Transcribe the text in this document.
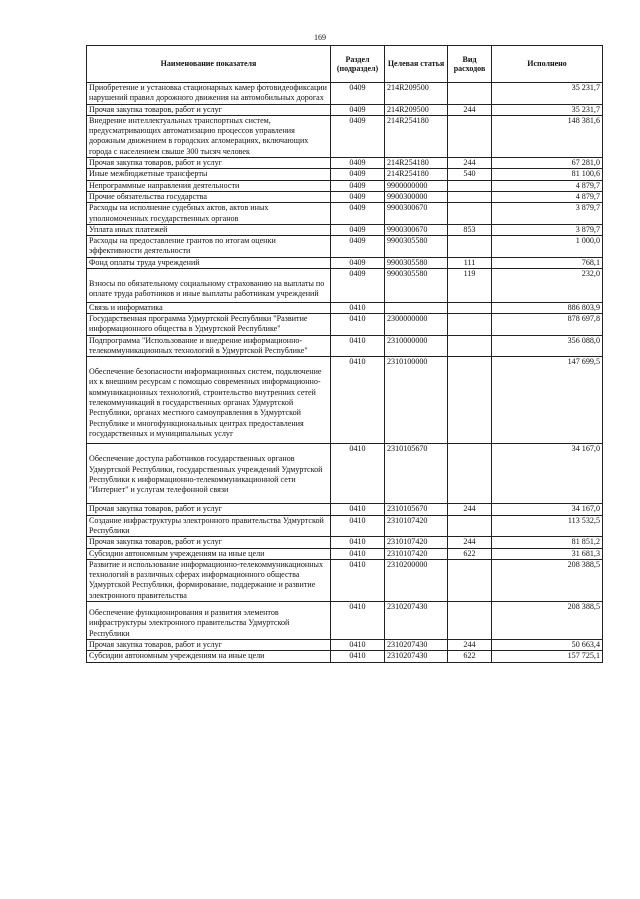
169
Наименование показателя	Раздел (подраздел)	Целевая статья	Вид расходов	Исполнено
Приобретение и установка стационарных камер фотовидеофиксации нарушений правил дорожного движения на автомобильных дорогах	0409	214R209500		35 231,7
Прочая закупка товаров, работ и услуг	0409	214R209500	244	35 231,7
Внедрение интеллектуальных транспортных систем, предусматривающих автоматизацию процессов управления дорожным движением в городских агломерациях, включающих города с населением свыше 300 тысяч человек	0409	214R254180		148 381,6
Прочая закупка товаров, работ и услуг	0409	214R254180	244	67 281,0
Иные межбюджетные трансферты	0409	214R254180	540	81 100,6
Непрограммные направления деятельности	0409	9900000000		4 879,7
Прочие обязательства государства	0409	9900300000		4 879,7
Расходы на исполнение судебных актов, актов иных уполномоченных государственных органов	0409	9900300670		3 879,7
Уплата иных платежей	0409	9900300670	853	3 879,7
Расходы на предоставление грантов по итогам оценки эффективности деятельности	0409	9900305580		1 000,0
Фонд оплаты труда учреждений	0409	9900305580	111	768,1
Взносы по обязательному социальному страхованию на выплаты по оплате труда работников и иные выплаты работникам учреждений	0409	9900305580	119	232,0
Связь и информатика	0410			886 803,9
Государственная программа Удмуртской Республики "Развитие информационного общества в Удмуртской Республике"	0410	2300000000		878 697,8
Подпрограмма "Использование и внедрение информационно-телекоммуникационных технологий в Удмуртской Республике"	0410	2310000000		356 088,0
Обеспечение безопасности информационных систем, подключение их к внешним ресурсам с помощью современных информационно-коммуникационных технологий, строительство внутренних сетей телекоммуникаций в государственных органах Удмуртской Республики, органах местного самоуправления в Удмуртской Республике и многофункциональных центрах предоставления государственных и муниципальных услуг	0410	2310100000		147 699,5
Обеспечение доступа работников государственных органов Удмуртской Республики, государственных учреждений Удмуртской Республики к информационно-телекоммуникационной сети "Интернет" и услугам телефонной связи	0410	2310105670		34 167,0
Прочая закупка товаров, работ и услуг	0410	2310105670	244	34 167,0
Создание инфраструктуры электронного правительства Удмуртской Республики	0410	2310107420		113 532,5
Прочая закупка товаров, работ и услуг	0410	2310107420	244	81 851,2
Субсидии автономным учреждениям на иные цели	0410	2310107420	622	31 681,3
Развитие и использование информационно-телекоммуникационных технологий в различных сферах информационного общества Удмуртской Республики, формирование, поддержание и развитие электронного правительства	0410	2310200000		208 388,5
Обеспечение функционирования и развития элементов инфраструктуры электронного правительства Удмуртской Республики	0410	2310207430		208 388,5
Прочая закупка товаров, работ и услуг	0410	2310207430	244	50 663,4
Субсидии автономным учреждениям на иные цели	0410	2310207430	622	157 725,1
